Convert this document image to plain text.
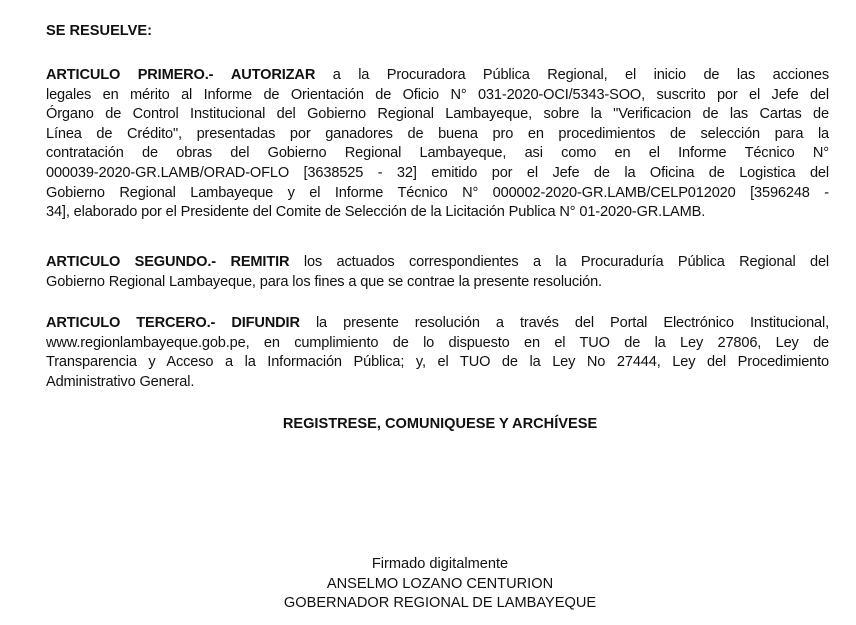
SE RESUELVE:
ARTICULO PRIMERO.- AUTORIZAR a la Procuradora Pública Regional, el inicio de las acciones
legales en mérito al Informe de Orientación de Oficio N° 031-2020-OCI/5343-SOO, suscrito por el Jefe del
Órgano de Control Institucional del Gobierno Regional Lambayeque, sobre la "Verificacion de las Cartas de
Línea de Crédito", presentadas por ganadores de buena pro en procedimientos de selección para la
contratación de obras del Gobierno Regional Lambayeque, asi como en el Informe Técnico N°
000039-2020-GR.LAMB/ORAD-OFLO [3638525 - 32] emitido por el Jefe de la Oficina de Logistica del
Gobierno Regional Lambayeque y el Informe Técnico N° 000002-2020-GR.LAMB/CELP012020 [3596248 -
34], elaborado por el Presidente del Comite de Selección de la Licitación Publica N° 01-2020-GR.LAMB.
ARTICULO SEGUNDO.- REMITIR los actuados correspondientes a la Procuraduría Pública Regional del
Gobierno Regional Lambayeque, para los fines a que se contrae la presente resolución.
ARTICULO TERCERO.- DIFUNDIR la presente resolución a través del Portal Electrónico Institucional,
www.regionlambayeque.gob.pe, en cumplimiento de lo dispuesto en el TUO de la Ley 27806, Ley de
Transparencia y Acceso a la Información Pública; y, el TUO de la Ley No 27444, Ley del Procedimiento
Administrativo General.
REGISTRESE, COMUNIQUESE Y ARCHÍVESE
Firmado digitalmente
ANSELMO LOZANO CENTURION
GOBERNADOR REGIONAL DE LAMBAYEQUE
